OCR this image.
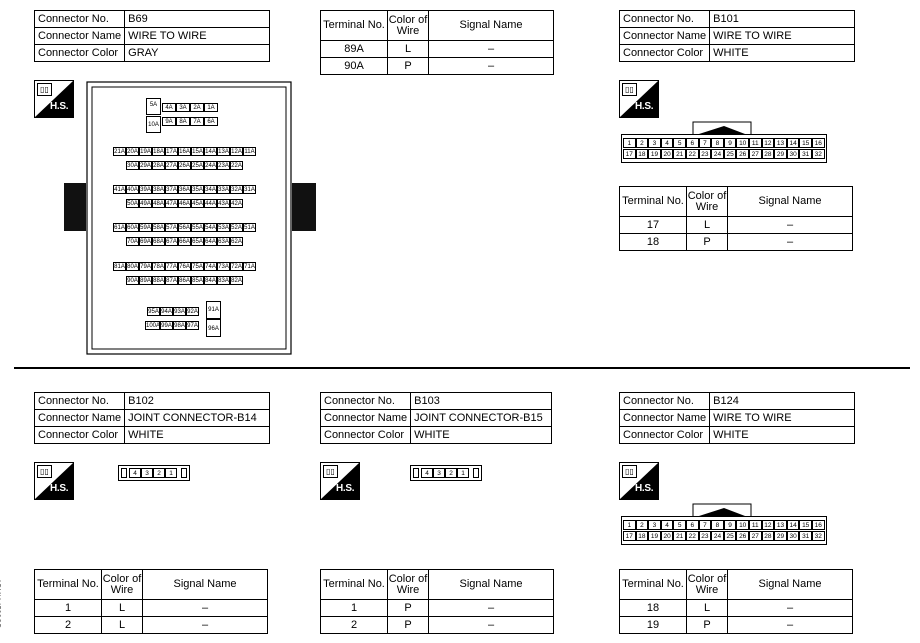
Connector No.	B69
Connector Name	WIRE TO WIRE
Connector Color	GRAY
Terminal No.	Color of Wire	Signal Name
89A	L	–
90A	P	–
▯▯
H.S.	5A
10A
4A	3A	2A	1A
9A	8A	7A	6A
21A 20A 19A 18A 17A 16A 15A 14A 13A 12A 11A
30A 29A 28A 27A 26A 25A 24A 23A 22A
41A 40A 39A 38A 37A 36A 35A 34A 33A 32A 31A
50A 49A 48A 47A 46A 45A 44A 43A 42A
61A 60A 59A 58A 57A 56A 55A 54A 53A 52A 51A
70A 69A 68A 67A 66A 65A 64A 63A 62A
81A 80A 79A 78A 77A 76A 75A 74A 73A 72A 71A
90A 89A 88A 87A 86A 85A 84A 83A 82A
95A 94A 93A 92A
100A 99A 98A 97A
91A
96A
Connector No.	B101
Connector Name	WIRE TO WIRE
Connector Color	WHITE
▯▯
H.S.
1	2	3	4	5	6	7	8	9	10 11 12 13 14 15 16
17 18 19 20 21 22 23 24 25 26 27 28 29 30 31 32
Terminal No.	Color of Wire	Signal Name
17	L	–
18	P	–
Connector No.	B102
Connector Name	JOINT CONNECTOR-B14
Connector Color	WHITE
▯▯
H.S.
4	3	2	1
Terminal No.	Color of Wire	Signal Name
1	L	–
2	L	–
Connector No.	B103
Connector Name	JOINT CONNECTOR-B15
Connector Color	WHITE
▯▯
H.S.
4	3	2	1
Terminal No.	Color of Wire	Signal Name
1	P	–
2	P	–
Connector No.	B124
Connector Name	WIRE TO WIRE
Connector Color	WHITE
▯▯
H.S.
1	2	3	4	5	6	7	8	9	10 11 12 13 14 15 16
17 18 19 20 21 22 23 24 25 26 27 28 29 30 31 32
Terminal No.	Color of Wire	Signal Name
18	L	–
19	P	–
